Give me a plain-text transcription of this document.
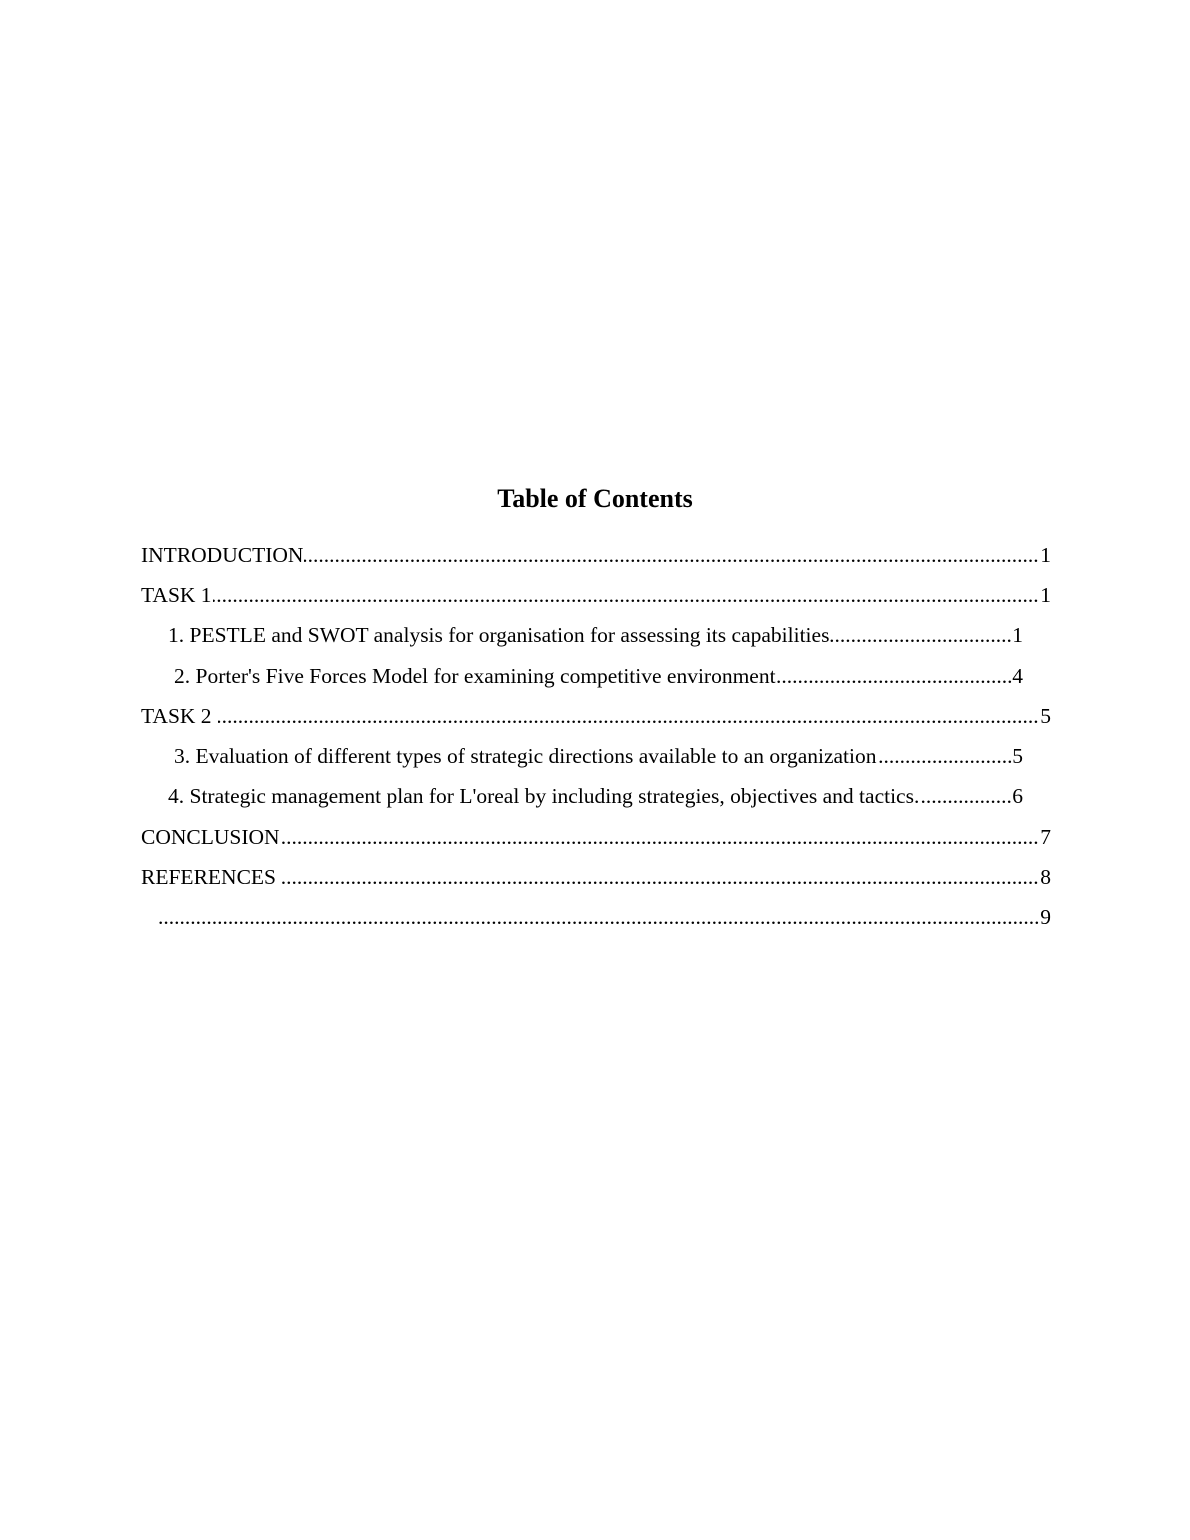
Table of Contents
.....
INTRODUCTION	1
.....
TASK 1	1
.....
1. PESTLE and SWOT analysis for organisation for assessing its capabilities	1
.....
2. Porter's Five Forces Model for examining competitive environment	4
.....
TASK 2	5
.....
3. Evaluation of different types of strategic directions available to an organization	5
.....
4. Strategic management plan for L'oreal by including strategies, objectives and tactics.	6
.....
CONCLUSION	7
.....
REFERENCES	8
.....
9
